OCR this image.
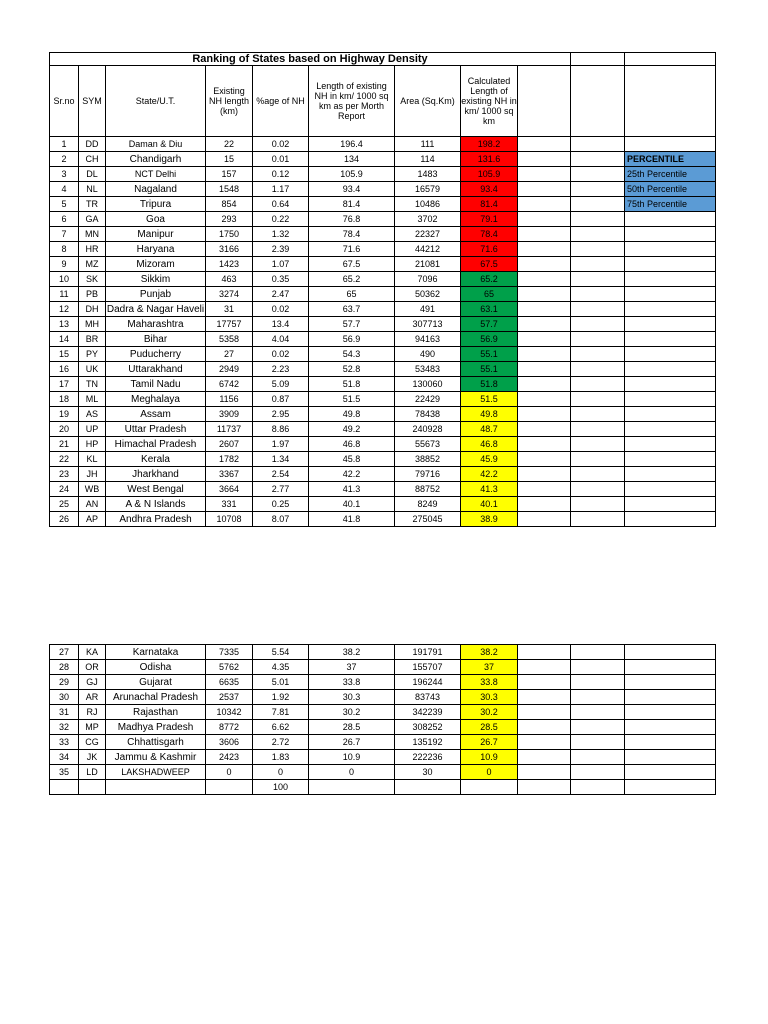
Ranking of States based on Highway Density										
Sr.no	SYM	State/U.T.	Existing NH length (km)	%age of NH	Length of existing NH in km/ 1000 sq km as per Morth Report	Area (Sq.Km)	Calculated Length of existing NH in km/ 1000 sq km			
1	DD	Daman & Diu	22	0.02	196.4	111	198.2			
2	CH	Chandigarh	15	0.01	134	114	131.6			PERCENTILE
3	DL	NCT Delhi	157	0.12	105.9	1483	105.9			25th Percentile
4	NL	Nagaland	1548	1.17	93.4	16579	93.4			50th Percentile
5	TR	Tripura	854	0.64	81.4	10486	81.4			75th Percentile
6	GA	Goa	293	0.22	76.8	3702	79.1			
7	MN	Manipur	1750	1.32	78.4	22327	78.4			
8	HR	Haryana	3166	2.39	71.6	44212	71.6			
9	MZ	Mizoram	1423	1.07	67.5	21081	67.5			
10	SK	Sikkim	463	0.35	65.2	7096	65.2			
11	PB	Punjab	3274	2.47	65	50362	65			
12	DH	Dadra & Nagar Haveli	31	0.02	63.7	491	63.1			
13	MH	Maharashtra	17757	13.4	57.7	307713	57.7			
14	BR	Bihar	5358	4.04	56.9	94163	56.9			
15	PY	Puducherry	27	0.02	54.3	490	55.1			
16	UK	Uttarakhand	2949	2.23	52.8	53483	55.1			
17	TN	Tamil Nadu	6742	5.09	51.8	130060	51.8			
18	ML	Meghalaya	1156	0.87	51.5	22429	51.5			
19	AS	Assam	3909	2.95	49.8	78438	49.8			
20	UP	Uttar Pradesh	11737	8.86	49.2	240928	48.7			
21	HP	Himachal Pradesh	2607	1.97	46.8	55673	46.8			
22	KL	Kerala	1782	1.34	45.8	38852	45.9			
23	JH	Jharkhand	3367	2.54	42.2	79716	42.2			
24	WB	West Bengal	3664	2.77	41.3	88752	41.3			
25	AN	A & N Islands	331	0.25	40.1	8249	40.1			
26	AP	Andhra Pradesh	10708	8.07	41.8	275045	38.9			
27	KA	Karnataka	7335	5.54	38.2	191791	38.2			
28	OR	Odisha	5762	4.35	37	155707	37			
29	GJ	Gujarat	6635	5.01	33.8	196244	33.8			
30	AR	Arunachal Pradesh	2537	1.92	30.3	83743	30.3			
31	RJ	Rajasthan	10342	7.81	30.2	342239	30.2			
32	MP	Madhya Pradesh	8772	6.62	28.5	308252	28.5			
33	CG	Chhattisgarh	3606	2.72	26.7	135192	26.7			
34	JK	Jammu & Kashmir	2423	1.83	10.9	222236	10.9			
35	LD	LAKSHADWEEP	0	0	0	30	0			
				100						
